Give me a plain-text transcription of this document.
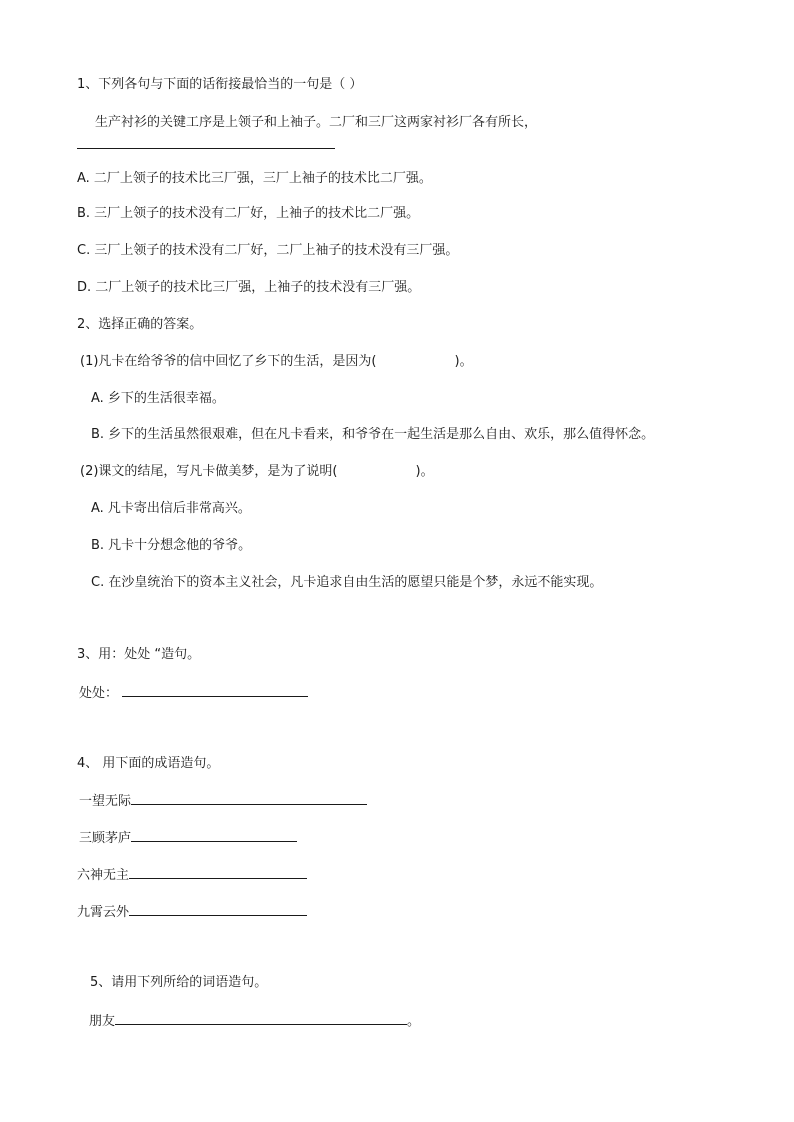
1、下列各句与下面的话衔接最恰当的一句是（ ）
生产衬衫的关键工序是上领子和上袖子。二厂和三厂这两家衬衫厂各有所长，
A. 二厂上领子的技术比三厂强，三厂上袖子的技术比二厂强。
B. 三厂上领子的技术没有二厂好，上袖子的技术比二厂强。
C. 三厂上领子的技术没有二厂好，二厂上袖子的技术没有三厂强。
D. 二厂上领子的技术比三厂强，上袖子的技术没有三厂强。
2、选择正确的答案。
(1)凡卡在给爷爷的信中回忆了乡下的生活，是因为(	)。
A. 乡下的生活很幸福。
B. 乡下的生活虽然很艰难，但在凡卡看来，和爷爷在一起生活是那么自由、欢乐，那么值得怀念。
(2)课文的结尾，写凡卡做美梦，是为了说明(	)。
A. 凡卡寄出信后非常高兴。
B. 凡卡十分想念他的爷爷。
C. 在沙皇统治下的资本主义社会，凡卡追求自由生活的愿望只能是个梦，永远不能实现。
3、用：处处 “造句。
处处：
4、 用下面的成语造句。
一望无际
三顾茅庐
六神无主
九霄云外
5、请用下列所给的词语造句。
朋友	。
